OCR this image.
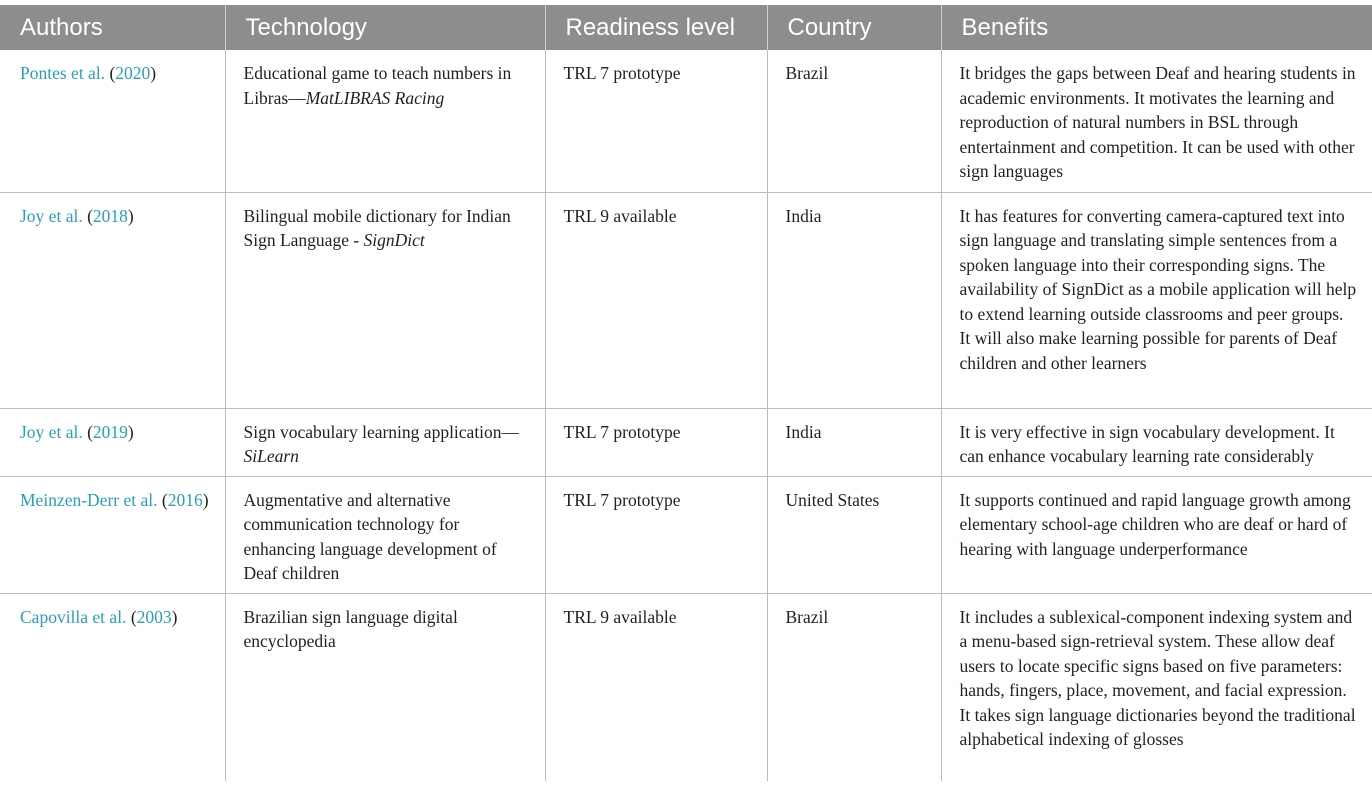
Authors	Technology	Readiness level	Country	Benefits
Pontes et al. (2020)	Educational game to teach numbers in Libras—MatLIBRAS Racing	TRL 7 prototype	Brazil	It bridges the gaps between Deaf and hearing students in academic environments. It motivates the learning and reproduction of natural numbers in BSL through entertainment and competition. It can be used with other sign languages
Joy et al. (2018)	Bilingual mobile dictionary for Indian Sign Language - SignDict	TRL 9 available	India	It has features for converting camera-captured text into sign language and translating simple sentences from a spoken language into their corresponding signs. The availability of SignDict as a mobile application will help to extend learning outside classrooms and peer groups. It will also make learning possible for parents of Deaf children and other learners
Joy et al. (2019)	Sign vocabulary learning application—SiLearn	TRL 7 prototype	India	It is very effective in sign vocabulary development. It can enhance vocabulary learning rate considerably
Meinzen-Derr et al. (2016)	Augmentative and alternative communication technology for enhancing language development of Deaf children	TRL 7 prototype	United States	It supports continued and rapid language growth among elementary school-age children who are deaf or hard of hearing with language underperformance
Capovilla et al. (2003)	Brazilian sign language digital encyclopedia	TRL 9 available	Brazil	It includes a sublexical-component indexing system and a menu-based sign-retrieval system. These allow deaf users to locate specific signs based on five parameters: hands, fingers, place, movement, and facial expression. It takes sign language dictionaries beyond the traditional alphabetical indexing of glosses
